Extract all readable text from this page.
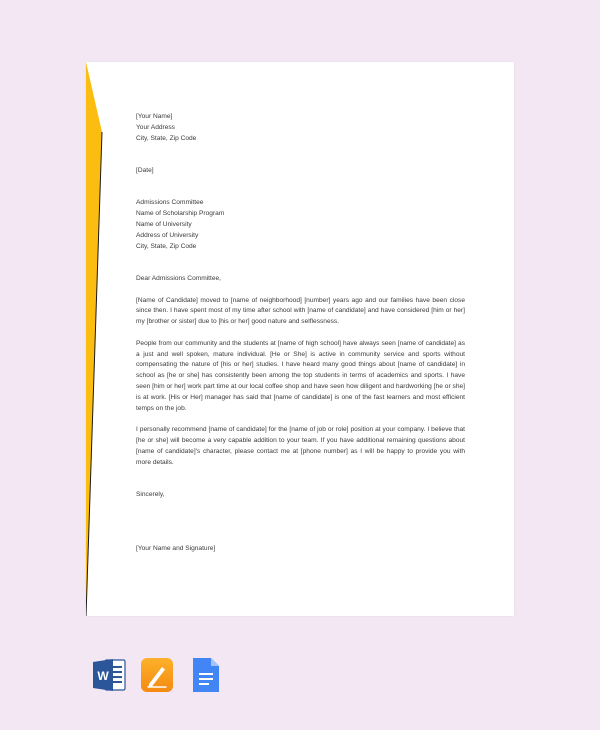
[Your Name]
Your Address
City, State, Zip Code
[Date]
Admissions Committee
Name of Scholarship Program
Name of University
Address of University
City, State, Zip Code
Dear Admissions Committee,

[Name of Candidate] moved to [name of neighborhood] [number] years ago and our families have been close since then. I have spent most of my time after school with [name of candidate] and have considered [him or her] my [brother or sister] due to [his or her] good nature and selflessness.

People from our community and the students at [name of high school] have always seen [name of candidate] as a just and well spoken, mature individual. [He or She] is active in community service and sports without compensating the nature of [his or her] studies. I have heard many good things about [name of candidate] in school as [he or she] has consistently been among the top students in terms of academics and sports. I have seen [him or her] work part time at our local coffee shop and have seen how diligent and hardworking [he or she] is at work. [His or Her] manager has said that [name of candidate] is one of the fast learners and most efficient temps on the job.

I personally recommend [name of candidate] for the [name of job or role] position at your company. I believe that [he or she] will become a very capable addition to your team. If you have additional remaining questions about [name of candidate]'s character, please contact me at [phone number] as I will be happy to provide you with more details.

Sincerely,
[Your Name and Signature]
W
